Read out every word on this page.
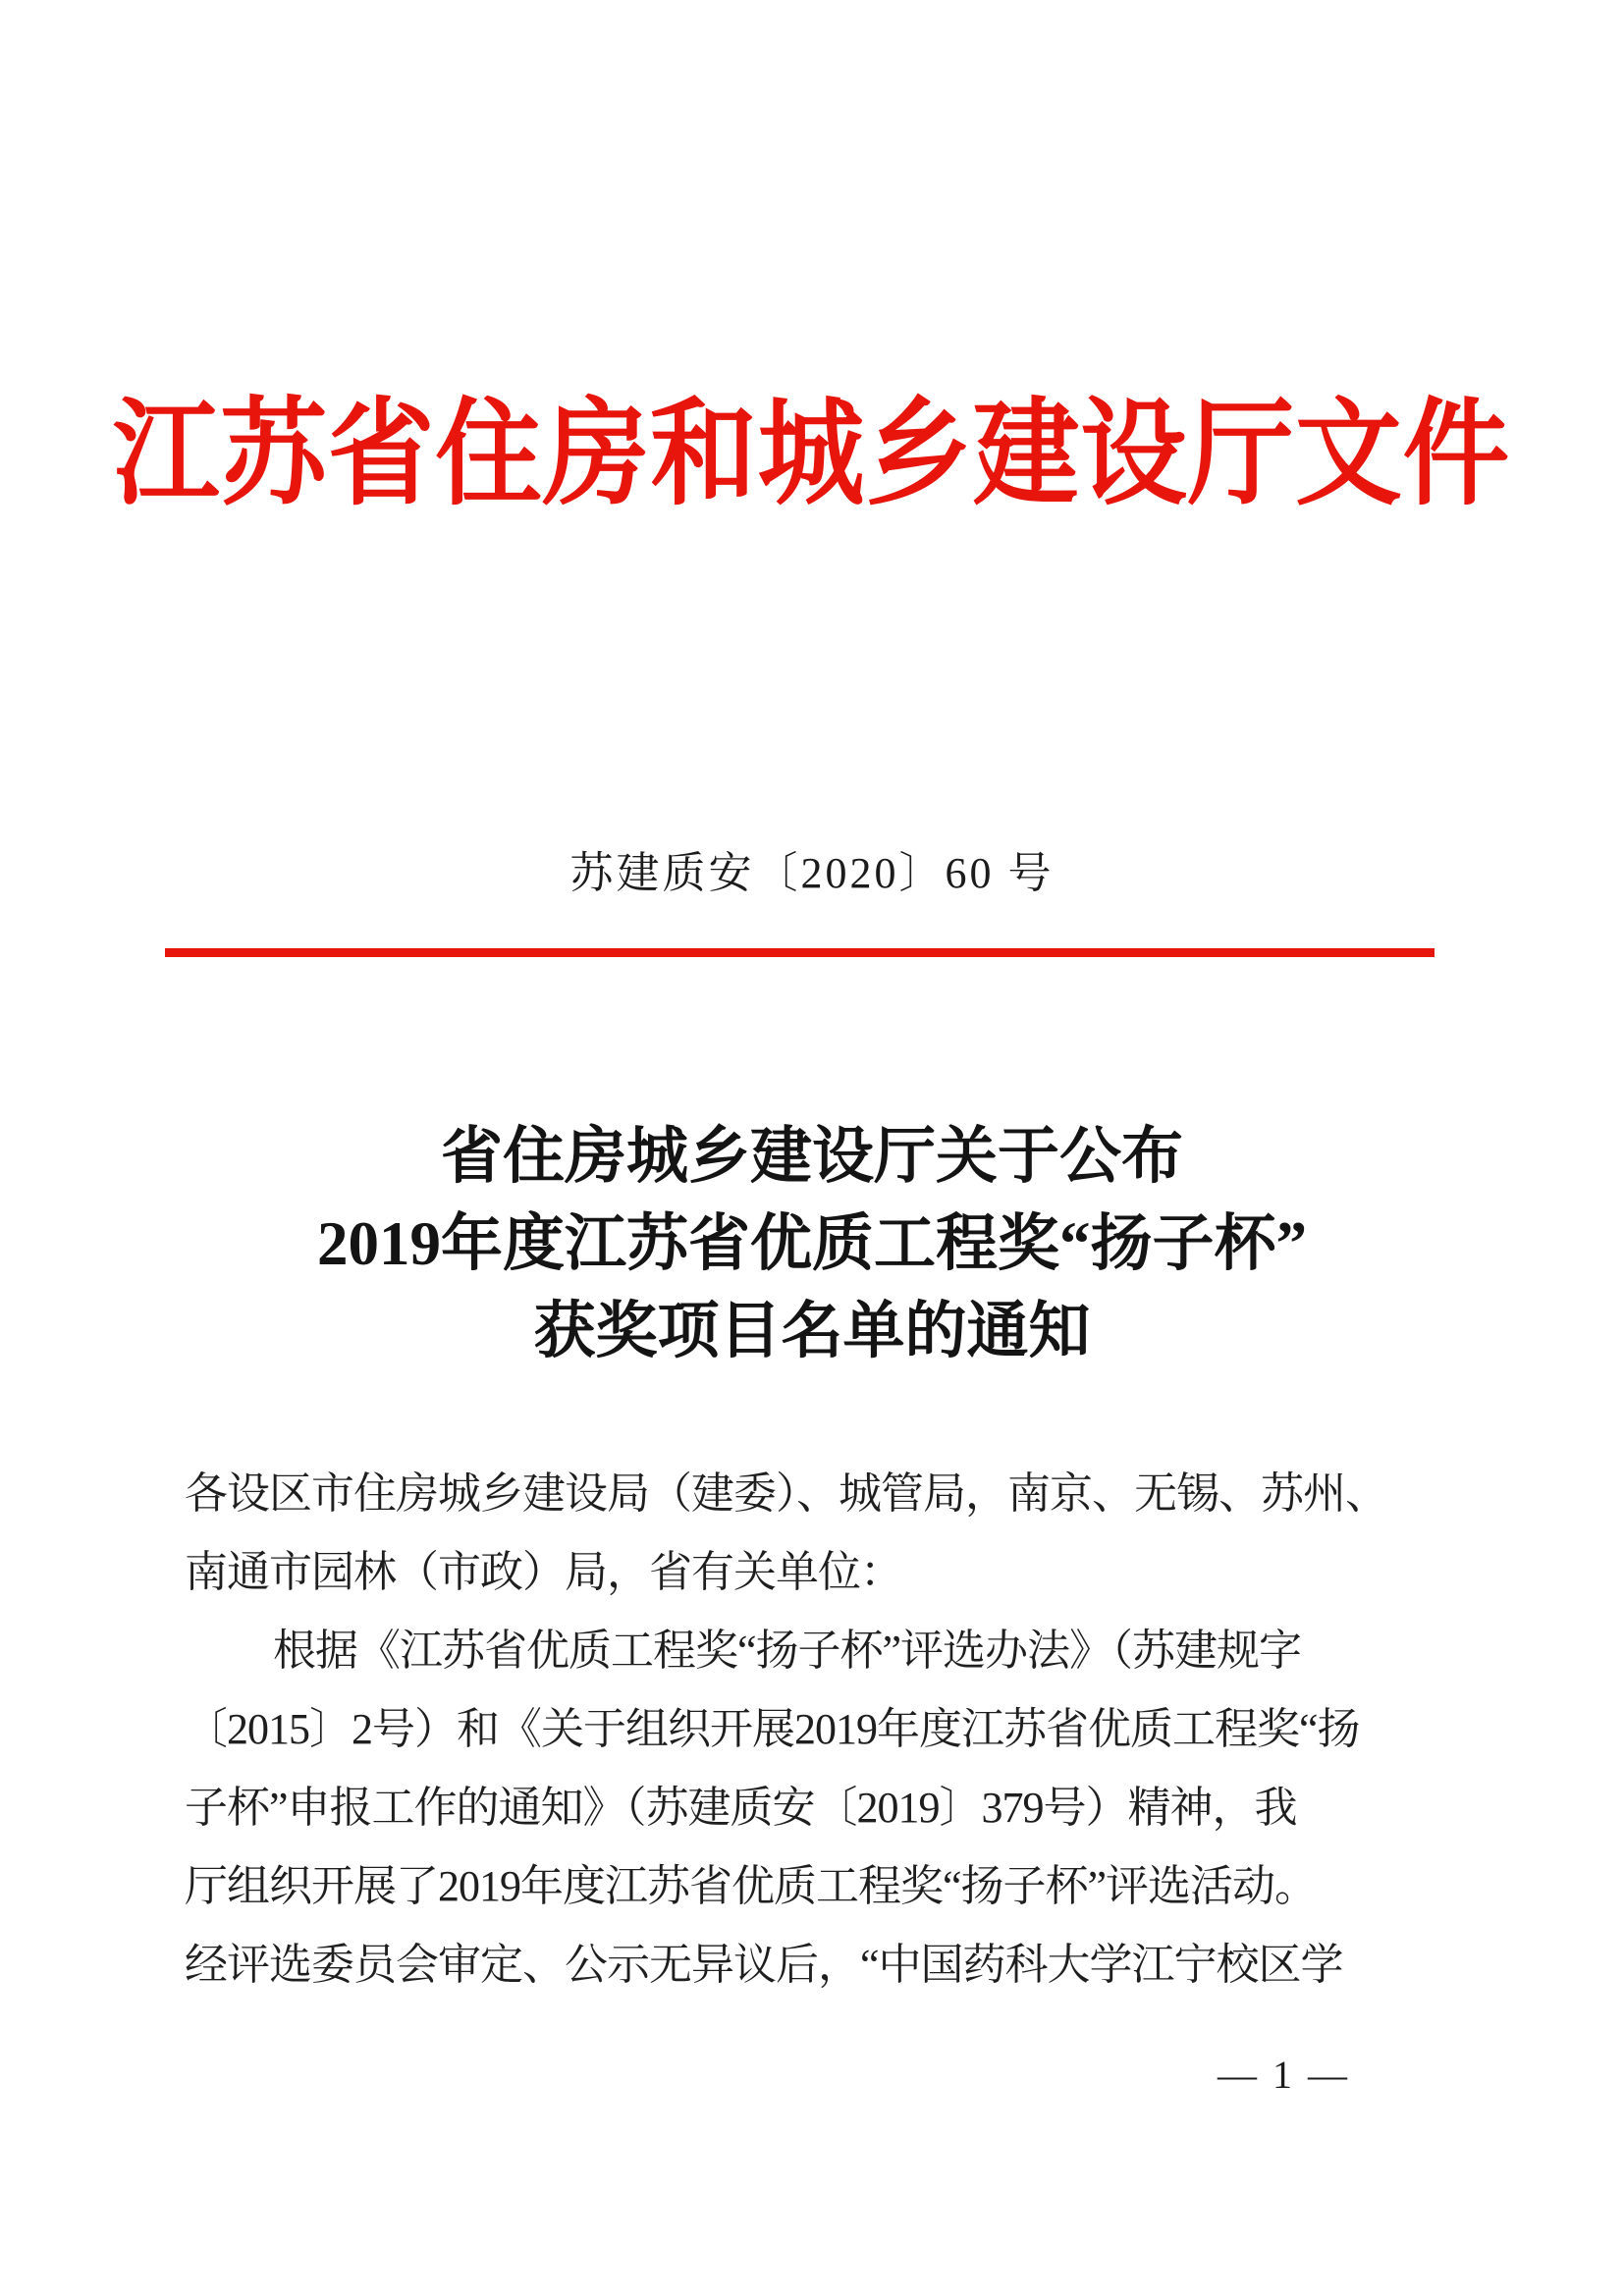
江苏省住房和城乡建设厅文件
苏建质安〔2020〕60 号
省住房城乡建设厅关于公布
2019年度江苏省优质工程奖“扬子杯”
获奖项目名单的通知
各设区市住房城乡建设局（建委）、城管局，南京、无锡、苏州、
南通市园林（市政）局，省有关单位：
根据《江苏省优质工程奖“扬子杯”评选办法》（苏建规字
〔2015〕2号）和《关于组织开展2019年度江苏省优质工程奖“扬
子杯”申报工作的通知》（苏建质安〔2019〕379号）精神，我
厅组织开展了2019年度江苏省优质工程奖“扬子杯”评选活动。
经评选委员会审定、公示无异议后，“中国药科大学江宁校区学
— 1 —
